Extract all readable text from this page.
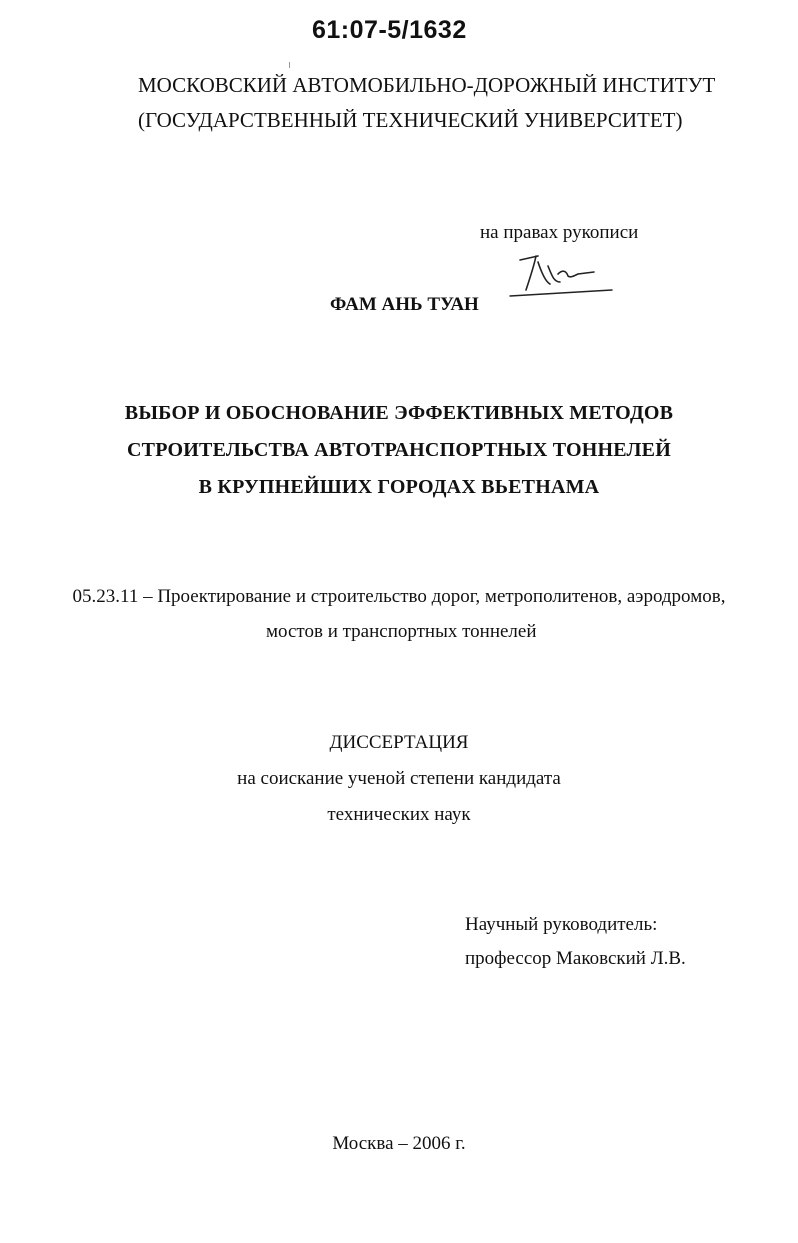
61:07-5/1632
МОСКОВСКИЙ АВТОМОБИЛЬНО-ДОРОЖНЫЙ ИНСТИТУТ
(ГОСУДАРСТВЕННЫЙ ТЕХНИЧЕСКИЙ УНИВЕРСИТЕТ)
на правах рукописи
ФАМ АНЬ ТУАН
ВЫБОР И ОБОСНОВАНИЕ ЭФФЕКТИВНЫХ МЕТОДОВ
СТРОИТЕЛЬСТВА АВТОТРАНСПОРТНЫХ ТОННЕЛЕЙ
В КРУПНЕЙШИХ ГОРОДАХ ВЬЕТНАМА
05.23.11 – Проектирование и строительство дорог, метрополитенов, аэродромов,
мостов и транспортных тоннелей
ДИССЕРТАЦИЯ
на соискание ученой степени кандидата
технических наук
Научный руководитель:
профессор Маковский Л.В.
Москва – 2006 г.
